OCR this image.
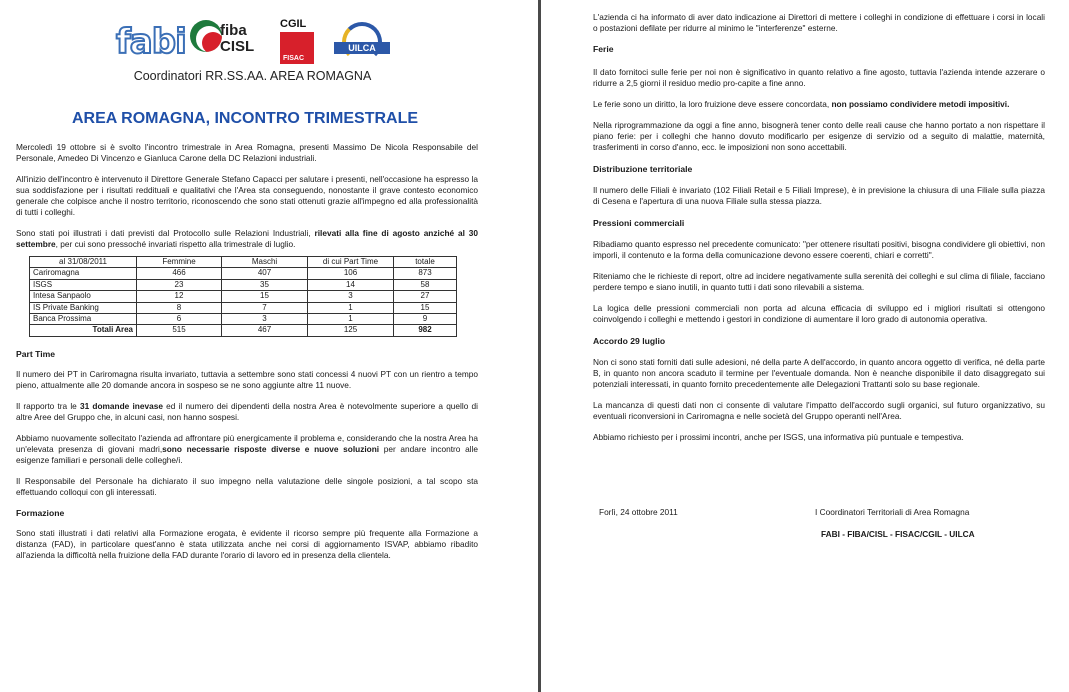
fabi fiba
CISL
CGIL
FISAC
UILCA
Coordinatori RR.SS.AA. AREA ROMAGNA
AREA ROMAGNA, INCONTRO TRIMESTRALE

Mercoledì 19 ottobre si è svolto l'incontro trimestrale in Area Romagna, presenti Massimo De Nicola Responsabile del Personale, Amedeo Di Vincenzo e Gianluca Carone della DC Relazioni industriali.

All'inizio dell'incontro è intervenuto il Direttore Generale Stefano Capacci per salutare i presenti, nell'occasione ha espresso la sua soddisfazione per i risultati reddituali e qualitativi che l'Area sta conseguendo, nonostante il grave contesto economico generale che colpisce anche il nostro territorio, riconoscendo che sono stati ottenuti grazie all'impegno ed alla professionalità di tutti i colleghi.

Sono stati poi illustrati i dati previsti dal Protocollo sulle Relazioni Industriali, rilevati alla fine di agosto anziché al 30 settembre, per cui sono pressoché invariati rispetto alla trimestrale di luglio.

al 31/08/2011	Femmine	Maschi	di cui Part Time	totale
Cariromagna	466	407	106	873
ISGS	23	35	14	58
Intesa Sanpaolo	12	15	3	27
IS Private Banking	8	7	1	15
Banca Prossima	6	3	1	9
Totali Area	515	467	125	982

Part Time

Il numero dei PT in Cariromagna risulta invariato, tuttavia a settembre sono stati concessi 4 nuovi PT con un rientro a tempo pieno, attualmente alle 20 domande ancora in sospeso se ne sono aggiunte altre 11 nuove.

Il rapporto tra le 31 domande inevase ed il numero dei dipendenti della nostra Area è notevolmente superiore a quello di altre Aree del Gruppo che, in alcuni casi, non hanno sospesi.

Abbiamo nuovamente sollecitato l'azienda ad affrontare più energicamente il problema e, considerando che la nostra Area ha un'elevata presenza di giovani madri,sono necessarie risposte diverse e nuove soluzioni per andare incontro alle esigenze familiari e personali delle colleghe/i.

Il Responsabile del Personale ha dichiarato il suo impegno nella valutazione delle singole posizioni, a tal scopo sta effettuando colloqui con gli interessati.

Formazione

Sono stati illustrati i dati relativi alla Formazione erogata, è evidente il ricorso sempre più frequente alla Formazione a distanza (FAD), in particolare quest'anno è stata utilizzata anche nei corsi di aggiornamento ISVAP, abbiamo ribadito all'azienda la difficoltà nella fruizione della FAD durante l'orario di lavoro ed in presenza della clientela.

L'azienda ci ha informato di aver dato indicazione ai Direttori di mettere i colleghi in condizione di effettuare i corsi in locali o postazioni defilate per ridurre al minimo le "interferenze" esterne.

Ferie

Il dato fornitoci sulle ferie per noi non è significativo in quanto relativo a fine agosto, tuttavia l'azienda intende azzerare o ridurre a 2,5 giorni il residuo medio pro-capite a fine anno.

Le ferie sono un diritto, la loro fruizione deve essere concordata, non possiamo condividere metodi impositivi.

Nella riprogrammazione da oggi a fine anno, bisognerà tener conto delle reali cause che hanno portato a non rispettare il piano ferie: per i colleghi che hanno dovuto modificarlo per esigenze di servizio od a seguito di malattie, maternità, trasferimenti in corso d'anno, ecc. le imposizioni non sono accettabili.

Distribuzione territoriale

Il numero delle Filiali è invariato (102 Filiali Retail e 5 Filiali Imprese), è in previsione la chiusura di una Filiale sulla piazza di Cesena e l'apertura di una nuova Filiale sulla stessa piazza.

Pressioni commerciali

Ribadiamo quanto espresso nel precedente comunicato: "per ottenere risultati positivi, bisogna condividere gli obiettivi, non imporli, il contenuto e la forma della comunicazione devono essere coerenti, chiari e corretti".

Riteniamo che le richieste di report, oltre ad incidere negativamente sulla serenità dei colleghi e sul clima di filiale, facciano perdere tempo e siano inutili, in quanto tutti i dati sono rilevabili a sistema.

La logica delle pressioni commerciali non porta ad alcuna efficacia di sviluppo ed i migliori risultati si ottengono coinvolgendo i colleghi e mettendo i gestori in condizione di aumentare il loro grado di autonomia operativa.

Accordo 29 luglio

Non ci sono stati forniti dati sulle adesioni, né della parte A dell'accordo, in quanto ancora oggetto di verifica, né della parte B, in quanto non ancora scaduto il termine per l'eventuale domanda. Non è neanche disponibile il dato disaggregato sui potenziali interessati, in quanto fornito precedentemente alle Delegazioni Trattanti solo su base regionale.

La mancanza di questi dati non ci consente di valutare l'impatto dell'accordo sugli organici, sul futuro organizzativo, su eventuali riconversioni in Cariromagna e nelle società del Gruppo operanti nell'Area.

Abbiamo richiesto per i prossimi incontri, anche per ISGS, una informativa più puntuale e tempestiva.

Forlì, 24 ottobre 2011	I Coordinatori Territoriali di Area Romagna
FABI - FIBA/CISL - FISAC/CGIL - UILCA
